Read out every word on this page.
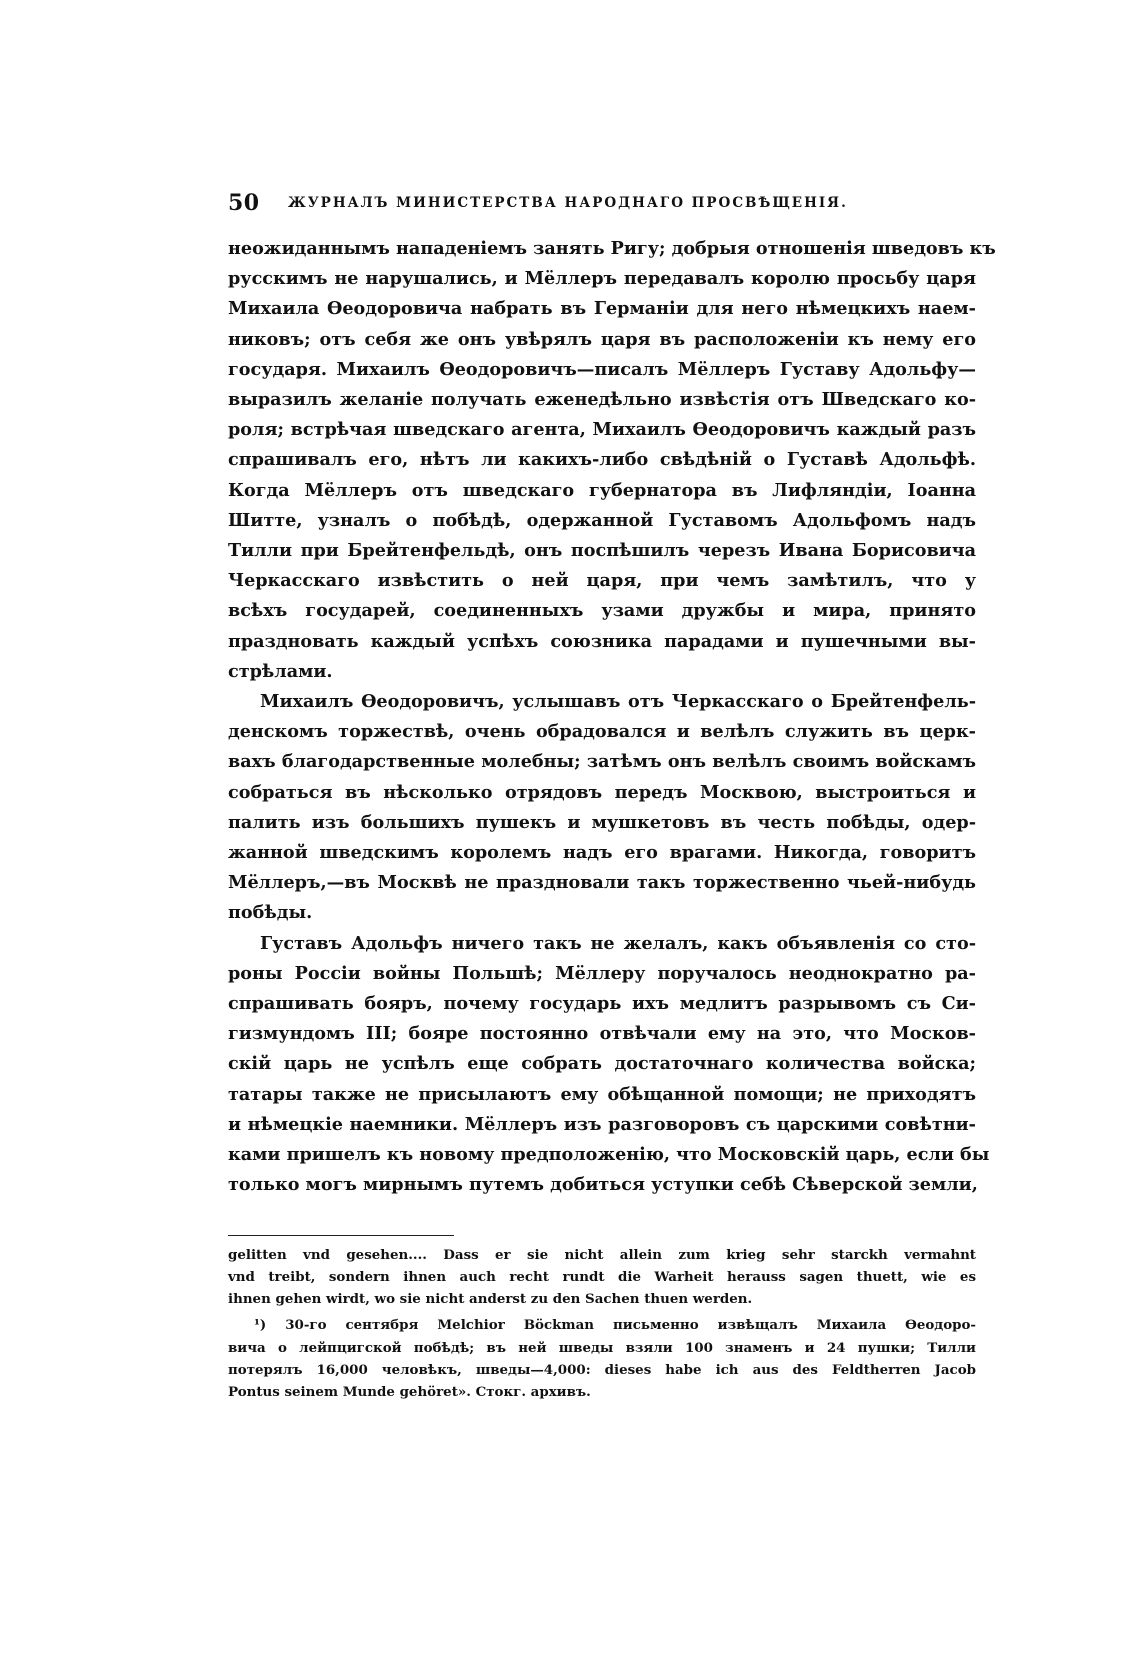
50 ЖУРНАЛЪ МИНИСТЕРСТВА НАРОДНАГО ПРОСВѢЩЕНІЯ.

неожиданнымъ нападеніемъ занять Ригу; добрыя отношенія шведовъ къ
русскимъ не нарушались, и Мёллеръ передавалъ королю просьбу царя
Михаила Ѳеодоровича набрать въ Германіи для него нѣмецкихъ наем-
никовъ; отъ себя же онъ увѣрялъ царя въ расположеніи къ нему его
государя. Михаилъ Ѳеодоровичъ—писалъ Мёллеръ Густаву Адольфу—
выразилъ желаніе получать еженедѣльно извѣстія отъ Шведскаго ко-
роля; встрѣчая шведскаго агента, Михаилъ Ѳеодоровичъ каждый разъ
спрашивалъ его, нѣтъ ли какихъ-либо свѣдѣній о Густавѣ Адольфѣ.
Когда Мёллеръ отъ шведскаго губернатора въ Лифляндіи, Іоанна
Шитте, узналъ о побѣдѣ, одержанной Густавомъ Адольфомъ надъ
Тилли при Брейтенфельдѣ, онъ поспѣшилъ черезъ Ивана Борисовича
Черкасскаго извѣстить о ней царя, при чемъ замѣтилъ, что у
всѣхъ государей, соединенныхъ узами дружбы и мира, принято
праздновать каждый успѣхъ союзника парадами и пушечными вы-
стрѣлами.

Михаилъ Ѳеодоровичъ, услышавъ отъ Черкасскаго о Брейтенфель-
денскомъ торжествѣ, очень обрадовался и велѣлъ служить въ церк-
вахъ благодарственные молебны; затѣмъ онъ велѣлъ своимъ войскамъ
собраться въ нѣсколько отрядовъ передъ Москвою, выстроиться и
палить изъ большихъ пушекъ и мушкетовъ въ честь побѣды, одер-
жанной шведскимъ королемъ надъ его врагами. Никогда, говоритъ
Мёллеръ,—въ Москвѣ не праздновали такъ торжественно чьей-нибудь
побѣды.

Густавъ Адольфъ ничего такъ не желалъ, какъ объявленія со сто-
роны Россіи войны Польшѣ; Мёллеру поручалось неоднократно ра-
спрашивать бояръ, почему государь ихъ медлитъ разрывомъ съ Си-
гизмундомъ III; бояре постоянно отвѣчали ему на это, что Москов-
скій царь не успѣлъ еще собрать достаточнаго количества войска;
татары также не присылаютъ ему обѣщанной помощи; не приходятъ
и нѣмецкіе наемники. Мёллеръ изъ разговоровъ съ царскими совѣтни-
ками пришелъ къ новому предположенію, что Московскій царь, если бы
только могъ мирнымъ путемъ добиться уступки себѣ Сѣверской земли,

gelitten vnd gesehen.... Dass er sie nicht allein zum krieg sehr starckh vermahnt
vnd treibt, sondern ihnen auch recht rundt die Warheit herauss sagen thuett, wie es
ihnen gehen wirdt, wo sie nicht anderst zu den Sachen thuen werden.

¹) 30-го сентября Melchior Böckman письменно извѣщалъ Михаила Ѳеодоро-
вича о лейпцигской побѣдѣ; въ ней шведы взяли 100 знаменъ и 24 пушки; Тилли
потерялъ 16,000 человѣкъ, шведы—4,000: dieses habe ich aus des Feldtherren Jacob
Pontus seinem Munde gehöret». Стокг. архивъ.
